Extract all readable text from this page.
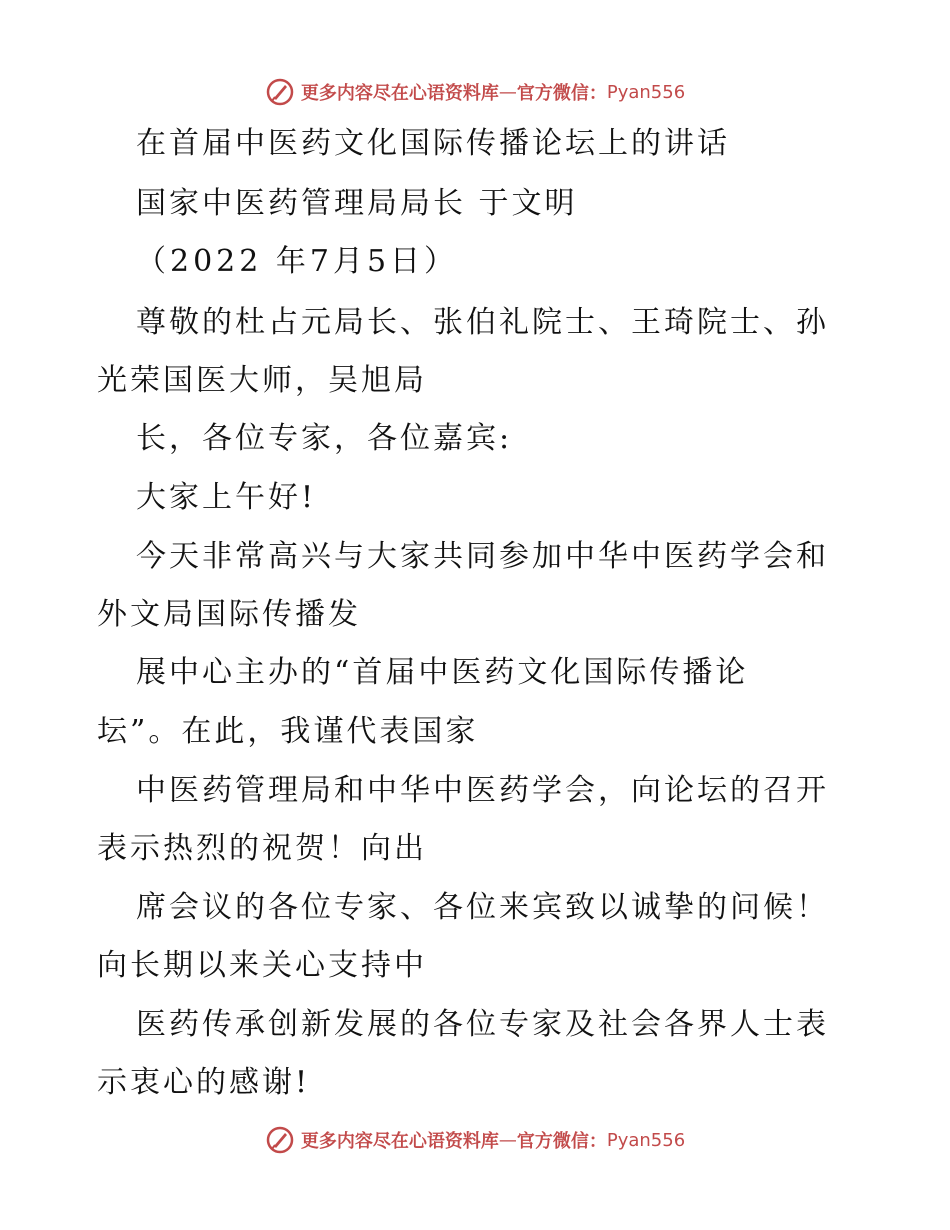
更多内容尽在心语资料库 — 官方微信： Pyan556
在首届中医药文化国际传播论坛上的讲话
国家中医药管理局局长 于文明
（2022 年7月5日）
尊敬的杜占元局长、张伯礼院士、王琦院士、孙
光荣国医大师，吴旭局
长，各位专家，各位嘉宾:
大家上午好!
今天非常高兴与大家共同参加中华中医药学会和
外文局国际传播发
展中心主办的“首届中医药文化国际传播论
坛”。在此，我谨代表国家
中医药管理局和中华中医药学会，向论坛的召开
表示热烈的祝贺！向出
席会议的各位专家、各位来宾致以诚挚的问候！
向长期以来关心支持中
医药传承创新发展的各位专家及社会各界人士表
示衷心的感谢!
更多内容尽在心语资料库 — 官方微信： Pyan556
